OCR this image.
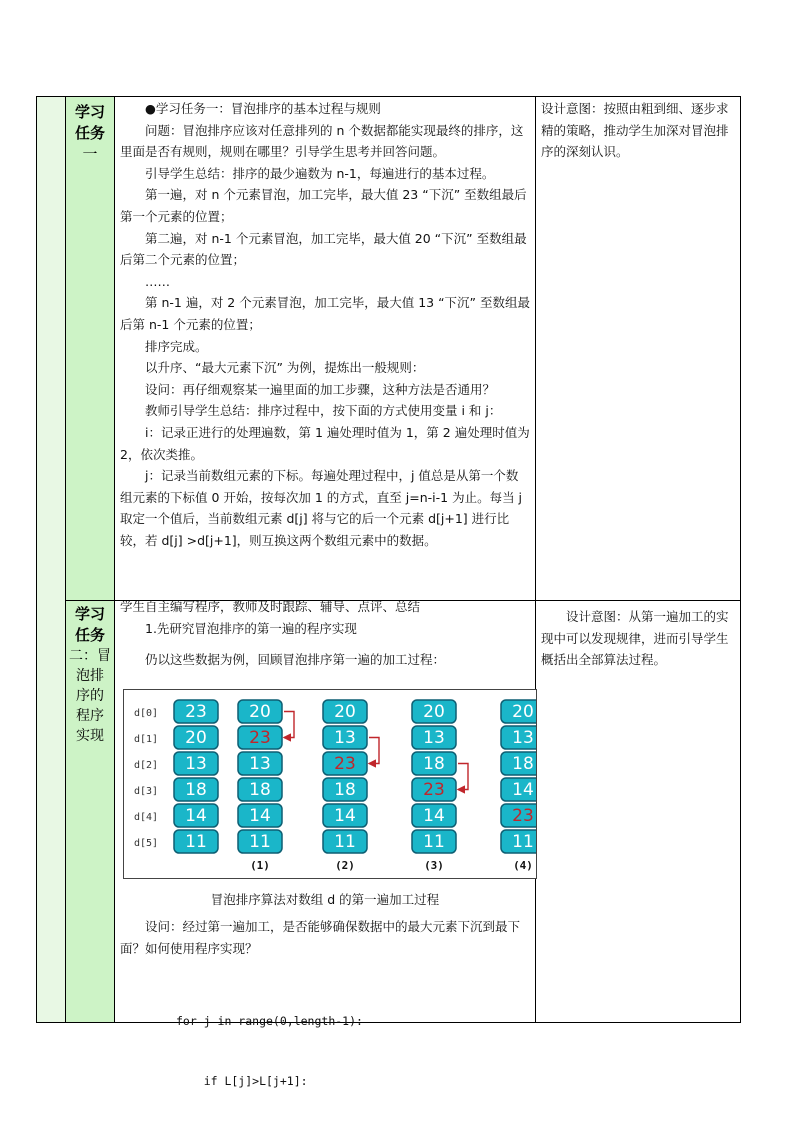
学习
任务
一

●学习任务一：冒泡排序的基本过程与规则

问题：冒泡排序应该对任意排列的 n 个数据都能实现最终的排序，这里面是否有规则，规则在哪里？引导学生思考并回答问题。

引导学生总结：排序的最少遍数为 n-1，每遍进行的基本过程。

第一遍，对 n 个元素冒泡，加工完毕，最大值 23 “下沉” 至数组最后第一个元素的位置；

第二遍，对 n-1 个元素冒泡，加工完毕，最大值 20 “下沉” 至数组最后第二个元素的位置；

……

第 n-1 遍，对 2 个元素冒泡，加工完毕，最大值 13 “下沉” 至数组最后第 n-1 个元素的位置；

排序完成。

以升序、“最大元素下沉” 为例，提炼出一般规则：

设问：再仔细观察某一遍里面的加工步骤，这种方法是否通用？

教师引导学生总结：排序过程中，按下面的方式使用变量 i 和 j：

i：记录正进行的处理遍数，第 1 遍处理时值为 1，第 2 遍处理时值为 2，依次类推。

j：记录当前数组元素的下标。每遍处理过程中，j 值总是从第一个数组元素的下标值 0 开始，按每次加 1 的方式，直至 j=n-i-1 为止。每当 j 取定一个值后，当前数组元素 d[j] 将与它的后一个元素 d[j+1] 进行比较，若 d[j] >d[j+1]，则互换这两个数组元素中的数据。

设计意图：按照由粗到细、逐步求精的策略，推动学生加深对冒泡排序的深刻认识。
学习
任务
二：冒
泡排
序的
程序
实现
学生自主编写程序，教师及时跟踪、辅导、点评、总结
1.先研究冒泡排序的第一遍的程序实现
仍以这些数据为例，回顾冒泡排序第一遍的加工过程：
d[0]
d[1]
d[2]
d[3]
d[4]
d[5]
23
20
13
18
14
11
20
23
13
18
14
11
(1)
20
13
23
18
14
11
(2)
20
13
18
23
14
11
(3)
20
13
18
14
23
11
(4)
冒泡排序算法对数组 d 的第一遍加工过程
设问：经过第一遍加工，是否能够确保数据中的最大元素下沉到最下面？如何使用程序实现？

for j in range(0,length-1):

if L[j]>L[j+1]:

设计意图：从第一遍加工的实现中可以发现规律，进而引导学生概括出全部算法过程。
